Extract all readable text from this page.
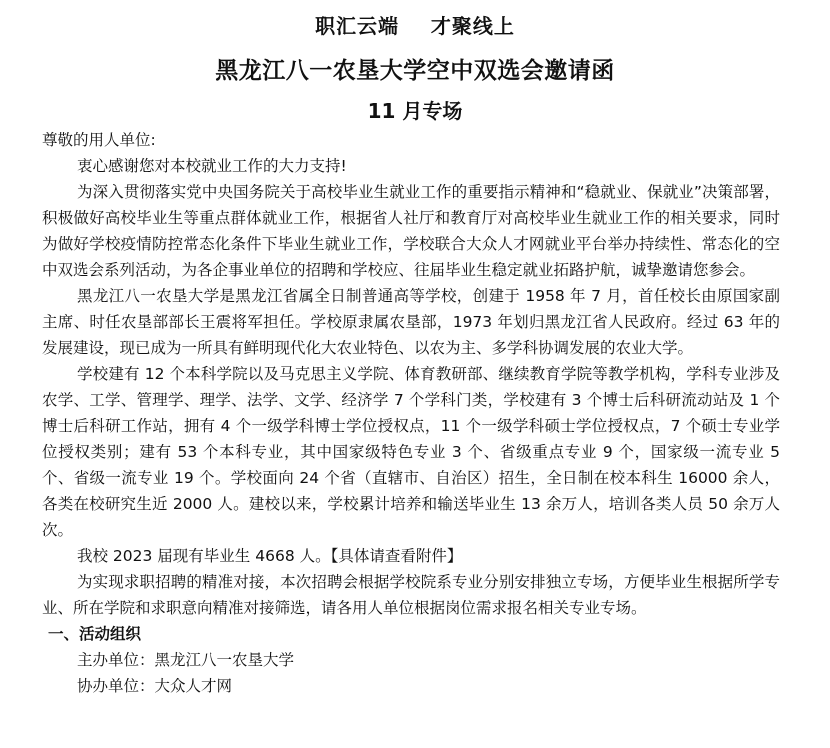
职汇云端    才聚线上
黑龙江八一农垦大学空中双选会邀请函
11 月专场

尊敬的用人单位:

衷心感谢您对本校就业工作的大力支持!

为深入贯彻落实党中央国务院关于高校毕业生就业工作的重要指示精神和“稳就业、保就业”决策部署，积极做好高校毕业生等重点群体就业工作，根据省人社厅和教育厅对高校毕业生就业工作的相关要求，同时为做好学校疫情防控常态化条件下毕业生就业工作，学校联合大众人才网就业平台举办持续性、常态化的空中双选会系列活动，为各企事业单位的招聘和学校应、往届毕业生稳定就业拓路护航，诚挚邀请您参会。

黑龙江八一农垦大学是黑龙江省属全日制普通高等学校，创建于 1958 年 7 月，首任校长由原国家副主席、时任农垦部部长王震将军担任。学校原隶属农垦部，1973 年划归黑龙江省人民政府。经过 63 年的发展建设，现已成为一所具有鲜明现代化大农业特色、以农为主、多学科协调发展的农业大学。

学校建有 12 个本科学院以及马克思主义学院、体育教研部、继续教育学院等教学机构，学科专业涉及农学、工学、管理学、理学、法学、文学、经济学 7 个学科门类，学校建有 3 个博士后科研流动站及 1 个博士后科研工作站，拥有 4 个一级学科博士学位授权点，11 个一级学科硕士学位授权点，7 个硕士专业学位授权类别；建有 53 个本科专业，其中国家级特色专业 3 个、省级重点专业 9 个，国家级一流专业 5 个、省级一流专业 19 个。学校面向 24 个省（直辖市、自治区）招生，全日制在校本科生 16000 余人，各类在校研究生近 2000 人。建校以来，学校累计培养和输送毕业生 13 余万人，培训各类人员 50 余万人次。

我校 2023 届现有毕业生 4668 人。【具体请查看附件】

为实现求职招聘的精准对接，本次招聘会根据学校院系专业分别安排独立专场，方便毕业生根据所学专业、所在学院和求职意向精准对接筛选，请各用人单位根据岗位需求报名相关专业专场。

一、活动组织

主办单位：黑龙江八一农垦大学

协办单位：大众人才网
